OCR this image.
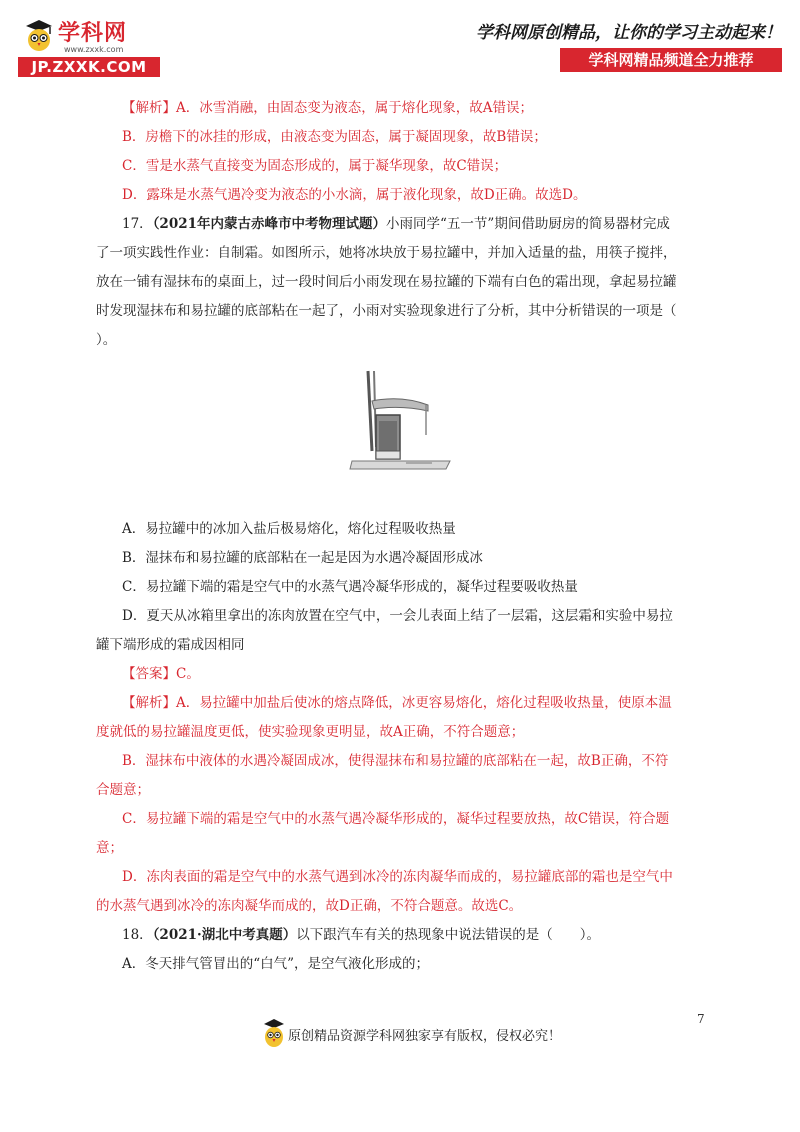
学科网
www.zxxk.com
JP.ZXXK.COM
学科网原创精品，让你的学习主动起来！
学科网精品频道全力推荐
【解析】A．冰雪消融，由固态变为液态，属于熔化现象，故A错误；
B．房檐下的冰挂的形成，由液态变为固态，属于凝固现象，故B错误；
C．雪是水蒸气直接变为固态形成的，属于凝华现象，故C错误；
D．露珠是水蒸气遇冷变为液态的小水滴，属于液化现象，故D正确。故选D。
17．（2021年内蒙古赤峰市中考物理试题）小雨同学“五一节”期间借助厨房的简易器材完成
了一项实践性作业：自制霜。如图所示，她将冰块放于易拉罐中，并加入适量的盐，用筷子搅拌，
放在一铺有湿抹布的桌面上，过一段时间后小雨发现在易拉罐的下端有白色的霜出现，拿起易拉罐
时发现湿抹布和易拉罐的底部粘在一起了，小雨对实验现象进行了分析，其中分析错误的一项是（
）。
A．易拉罐中的冰加入盐后极易熔化，熔化过程吸收热量
B．湿抹布和易拉罐的底部粘在一起是因为水遇冷凝固形成冰
C．易拉罐下端的霜是空气中的水蒸气遇冷凝华形成的，凝华过程要吸收热量
D．夏天从冰箱里拿出的冻肉放置在空气中，一会儿表面上结了一层霜，这层霜和实验中易拉
罐下端形成的霜成因相同
【答案】C。
【解析】A．易拉罐中加盐后使冰的熔点降低，冰更容易熔化，熔化过程吸收热量，使原本温
度就低的易拉罐温度更低，使实验现象更明显，故A正确，不符合题意；
B．湿抹布中液体的水遇冷凝固成冰，使得湿抹布和易拉罐的底部粘在一起，故B正确，不符
合题意；
C．易拉罐下端的霜是空气中的水蒸气遇冷凝华形成的，凝华过程要放热，故C错误，符合题
意；
D．冻肉表面的霜是空气中的水蒸气遇到冰冷的冻肉凝华而成的，易拉罐底部的霜也是空气中
的水蒸气遇到冰冷的冻肉凝华而成的，故D正确，不符合题意。故选C。
18．（2021·湖北中考真题）以下跟汽车有关的热现象中说法错误的是（　　）。
A．冬天排气管冒出的“白气”，是空气液化形成的；
7
原创精品资源学科网独家享有版权，侵权必究！
